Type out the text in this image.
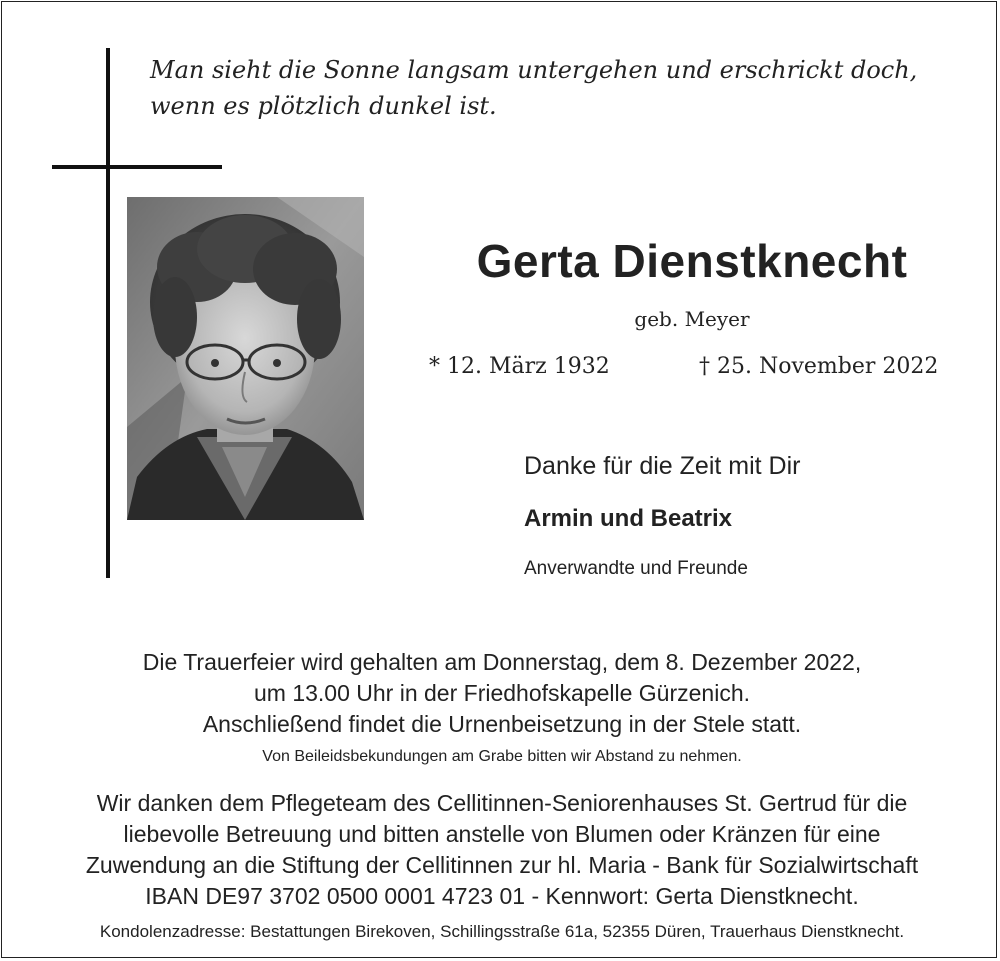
Man sieht die Sonne langsam untergehen und erschrickt doch,
wenn es plötzlich dunkel ist.
Gerta Dienstknecht
geb. Meyer
* 12. März 1932	† 25. November 2022
Danke für die Zeit mit Dir
Armin und Beatrix
Anverwandte und Freunde
Die Trauerfeier wird gehalten am Donnerstag, dem 8. Dezember 2022,
um 13.00 Uhr in der Friedhofskapelle Gürzenich.
Anschließend findet die Urnenbeisetzung in der Stele statt.
Von Beileidsbekundungen am Grabe bitten wir Abstand zu nehmen.
Wir danken dem Pflegeteam des Cellitinnen-Seniorenhauses St. Gertrud für die
liebevolle Betreuung und bitten anstelle von Blumen oder Kränzen für eine
Zuwendung an die Stiftung der Cellitinnen zur hl. Maria - Bank für Sozialwirtschaft
IBAN DE97 3702 0500 0001 4723 01 - Kennwort: Gerta Dienstknecht.
Kondolenzadresse: Bestattungen Birekoven, Schillingsstraße 61a, 52355 Düren, Trauerhaus Dienstknecht.
